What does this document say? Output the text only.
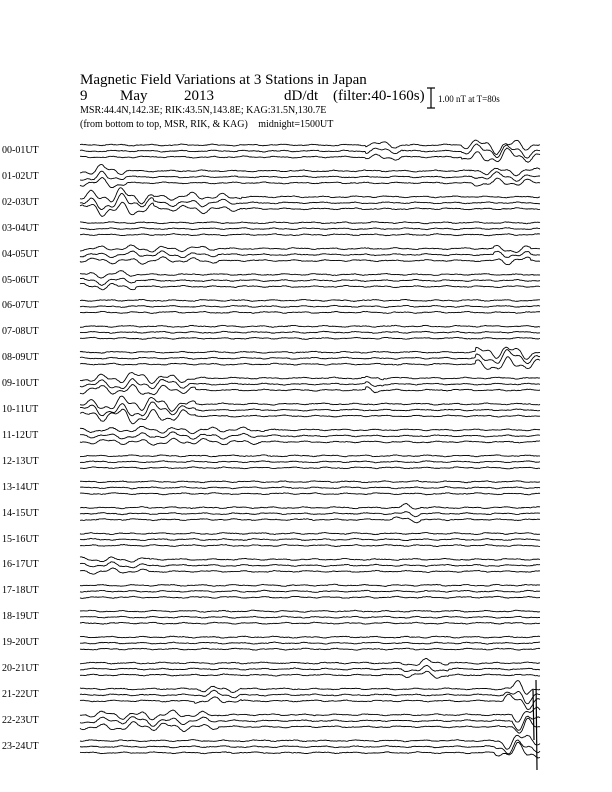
Magnetic Field Variations at 3 Stations in Japan
9 May 2013	dD/dt (filter:40-160s)
MSR:44.4N,142.3E; RIK:43.5N,143.8E; KAG:31.5N,130.7E
(from bottom to top, MSR, RIK, & KAG) midnight=1500UT
1.00 nT at T=80s
00-01UT
01-02UT
02-03UT
03-04UT
04-05UT
05-06UT
06-07UT
07-08UT
08-09UT
09-10UT
10-11UT
11-12UT
12-13UT
13-14UT
14-15UT
15-16UT
16-17UT
17-18UT
18-19UT
19-20UT
20-21UT
21-22UT
22-23UT
23-24UT
